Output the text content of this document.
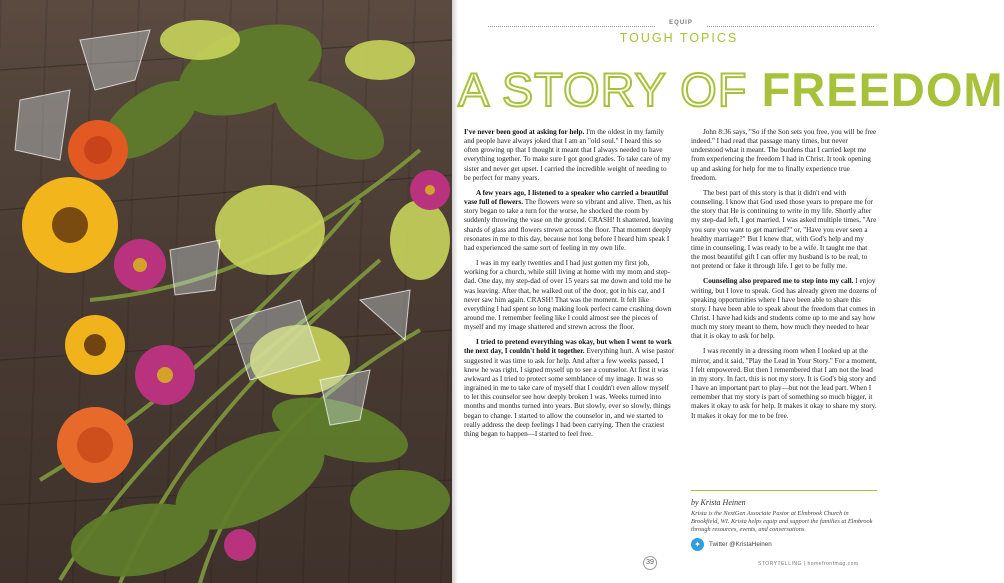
EQUIP
TOUGH TOPICS
A STORY OF FREEDOM

I've never been good at asking for help. I'm the oldest in my family and people have always joked that I am an "old soul." I heard this so often growing up that I thought it meant that I always needed to have everything together. To make sure I got good grades. To take care of my sister and never get upset. I carried the incredible weight of needing to be perfect for many years.

A few years ago, I listened to a speaker who carried a beautiful vase full of flowers. The flowers were so vibrant and alive. Then, as his story began to take a turn for the worse, he shocked the room by suddenly throwing the vase on the ground. CRASH! It shattered, leaving shards of glass and flowers strewn across the floor. That moment deeply resonates in me to this day, because not long before I heard him speak I had experienced the same sort of feeling in my own life.

I was in my early twenties and I had just gotten my first job, working for a church, while still living at home with my mom and step-dad. One day, my step-dad of over 15 years sat me down and told me he was leaving. After that, he walked out of the door, got in his car, and I never saw him again. CRASH! That was the moment. It felt like everything I had spent so long making look perfect came crashing down around me. I remember feeling like I could almost see the pieces of myself and my image shattered and strewn across the floor.

I tried to pretend everything was okay, but when I went to work the next day, I couldn't hold it together. Everything hurt. A wise pastor suggested it was time to ask for help. And after a few weeks passed, I knew he was right, I signed myself up to see a counselor. At first it was awkward as I tried to protect some semblance of my image. It was so ingrained in me to take care of myself that I couldn't even allow myself to let this counselor see how deeply broken I was. Weeks turned into months and months turned into years. But slowly, ever so slowly, things began to change. I started to allow the counselor in, and we started to really address the deep feelings I had been carrying. Then the craziest thing began to happen—I started to feel free.

John 8:36 says, "So if the Son sets you free, you will be free indeed." I had read that passage many times, but never understood what it meant. The burdens that I carried kept me from experiencing the freedom I had in Christ. It took opening up and asking for help for me to finally experience true freedom.

The best part of this story is that it didn't end with counseling. I know that God used those years to prepare me for the story that He is continuing to write in my life. Shortly after my step-dad left, I got married. I was asked multiple times, "Are you sure you want to get married?" or, "Have you ever seen a healthy marriage?" But I knew that, with God's help and my time in counseling, I was ready to be a wife. It taught me that the most beautiful gift I can offer my husband is to be real, to not pretend or fake it through life. I get to be fully me.

Counseling also prepared me to step into my call. I enjoy writing, but I love to speak. God has already given me dozens of speaking opportunities where I have been able to share this story. I have been able to speak about the freedom that comes in Christ. I have had kids and students come up to me and say how much my story meant to them, how much they needed to hear that it is okay to ask for help.

I was recently in a dressing room when I looked up at the mirror, and it said, "Play the Lead in Your Story." For a moment, I felt empowered. But then I remembered that I am not the lead in my story. In fact, this is not my story. It is God's big story and I have an important part to play—but not the lead part. When I remember that my story is part of something so much bigger, it makes it okay to ask for help. It makes it okay to share my story. It makes it okay for me to be free.

by Krista Heinen
Krista is the NextGen Associate Pastor at Elmbrook Church in Brookfield, WI. Krista helps equip and support the families at Elmbrook through resources, events, and conversations.
✦	Twitter @KristaHeinen
39	STORYTELLING | homefrontmag.com
